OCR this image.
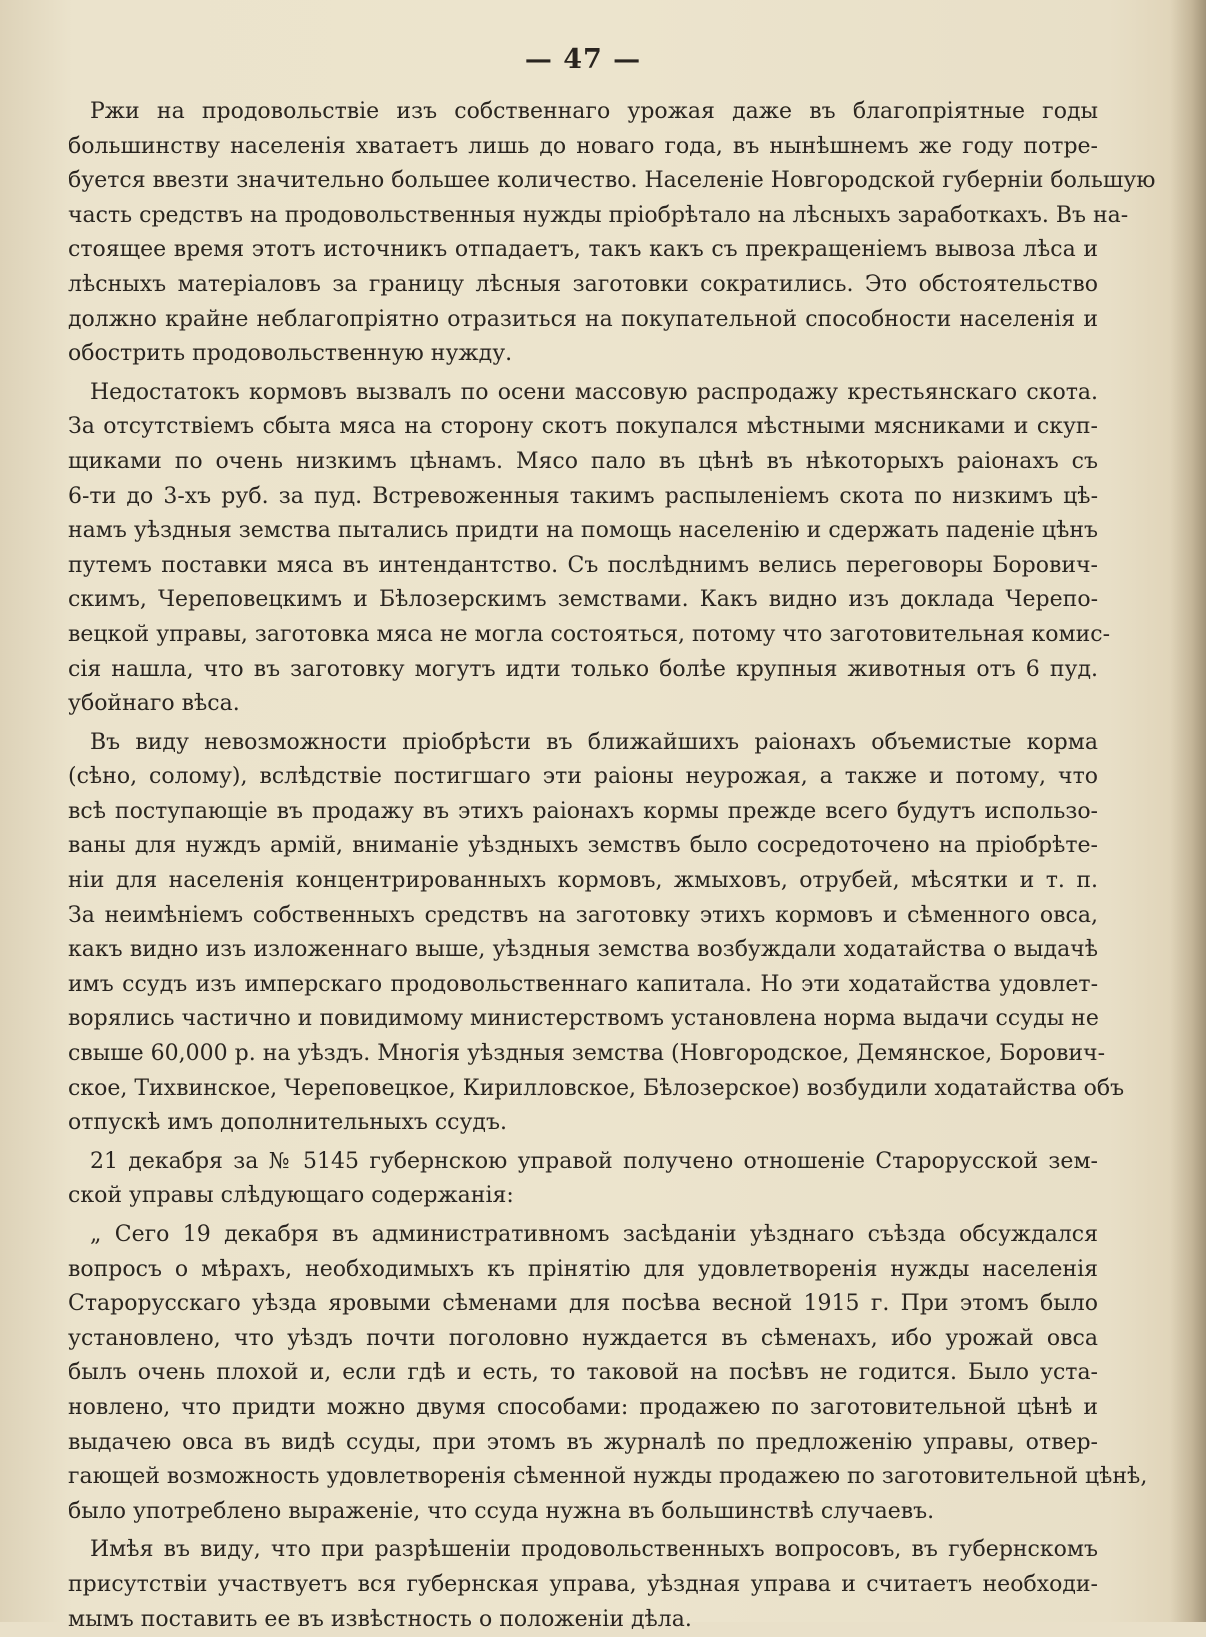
— 47 —

Ржи на продовольствіе изъ собственнаго урожая даже въ благопріятные годы
большинству населенія хватаетъ лишь до новаго года, въ нынѣшнемъ же году потре-
буется ввезти значительно большее количество. Населеніе Новгородской губерніи большую
часть средствъ на продовольственныя нужды пріобрѣтало на лѣсныхъ заработкахъ. Въ на-
стоящее время этотъ источникъ отпадаетъ, такъ какъ съ прекращеніемъ вывоза лѣса и
лѣсныхъ матеріаловъ за границу лѣсныя заготовки сократились. Это обстоятельство
должно крайне неблагопріятно отразиться на покупательной способности населенія и
обострить продовольственную нужду.

Недостатокъ кормовъ вызвалъ по осени массовую распродажу крестьянскаго скота.
За отсутствіемъ сбыта мяса на сторону скотъ покупался мѣстными мясниками и скуп-
щиками по очень низкимъ цѣнамъ. Мясо пало въ цѣнѣ въ нѣкоторыхъ раіонахъ съ
6-ти до 3-хъ руб. за пуд. Встревоженныя такимъ распыленіемъ скота по низкимъ цѣ-
намъ уѣздныя земства пытались придти на помощь населенію и сдержать паденіе цѣнъ
путемъ поставки мяса въ интендантство. Съ послѣднимъ велись переговоры Борович-
скимъ, Череповецкимъ и Бѣлозерскимъ земствами. Какъ видно изъ доклада Черепо-
вецкой управы, заготовка мяса не могла состояться, потому что заготовительная комис-
сія нашла, что въ заготовку могутъ идти только болѣе крупныя животныя отъ 6 пуд.
убойнаго вѣса.

Въ виду невозможности пріобрѣсти въ ближайшихъ раіонахъ объемистые корма
(сѣно, солому), вслѣдствіе постигшаго эти раіоны неурожая, а также и потому, что
всѣ поступающіе въ продажу въ этихъ раіонахъ кормы прежде всего будутъ использо-
ваны для нуждъ армій, вниманіе уѣздныхъ земствъ было сосредоточено на пріобрѣте-
ніи для населенія концентрированныхъ кормовъ, жмыховъ, отрубей, мѣсятки и т. п.
За неимѣніемъ собственныхъ средствъ на заготовку этихъ кормовъ и сѣменного овса,
какъ видно изъ изложеннаго выше, уѣздныя земства возбуждали ходатайства о выдачѣ
имъ ссудъ изъ имперскаго продовольственнаго капитала. Но эти ходатайства удовлет-
ворялись частично и повидимому министерствомъ установлена норма выдачи ссуды не
свыше 60,000 р. на уѣздъ. Многія уѣздныя земства (Новгородское, Демянское, Борович-
ское, Тихвинское, Череповецкое, Кирилловское, Бѣлозерское) возбудили ходатайства объ
отпускѣ имъ дополнительныхъ ссудъ.

21 декабря за № 5145 губернскою управой получено отношеніе Старорусской зем-
ской управы слѣдующаго содержанія:

„ Сего 19 декабря въ административномъ засѣданіи уѣзднаго съѣзда обсуждался
вопросъ о мѣрахъ, необходимыхъ къ прінятію для удовлетворенія нужды населенія
Старорусскаго уѣзда яровыми сѣменами для посѣва весной 1915 г. При этомъ было
установлено, что уѣздъ почти поголовно нуждается въ сѣменахъ, ибо урожай овса
былъ очень плохой и, если гдѣ и есть, то таковой на посѣвъ не годится. Было уста-
новлено, что придти можно двумя способами: продажею по заготовительной цѣнѣ и
выдачею овса въ видѣ ссуды, при этомъ въ журналѣ по предложенію управы, отвер-
гающей возможность удовлетворенія сѣменной нужды продажею по заготовительной цѣнѣ,
было употреблено выраженіе, что ссуда нужна въ большинствѣ случаевъ.

Имѣя въ виду, что при разрѣшеніи продовольственныхъ вопросовъ, въ губернскомъ
присутствіи участвуетъ вся губернская управа, уѣздная управа и считаетъ необходи-
мымъ поставить ее въ извѣстность о положеніи дѣла.
